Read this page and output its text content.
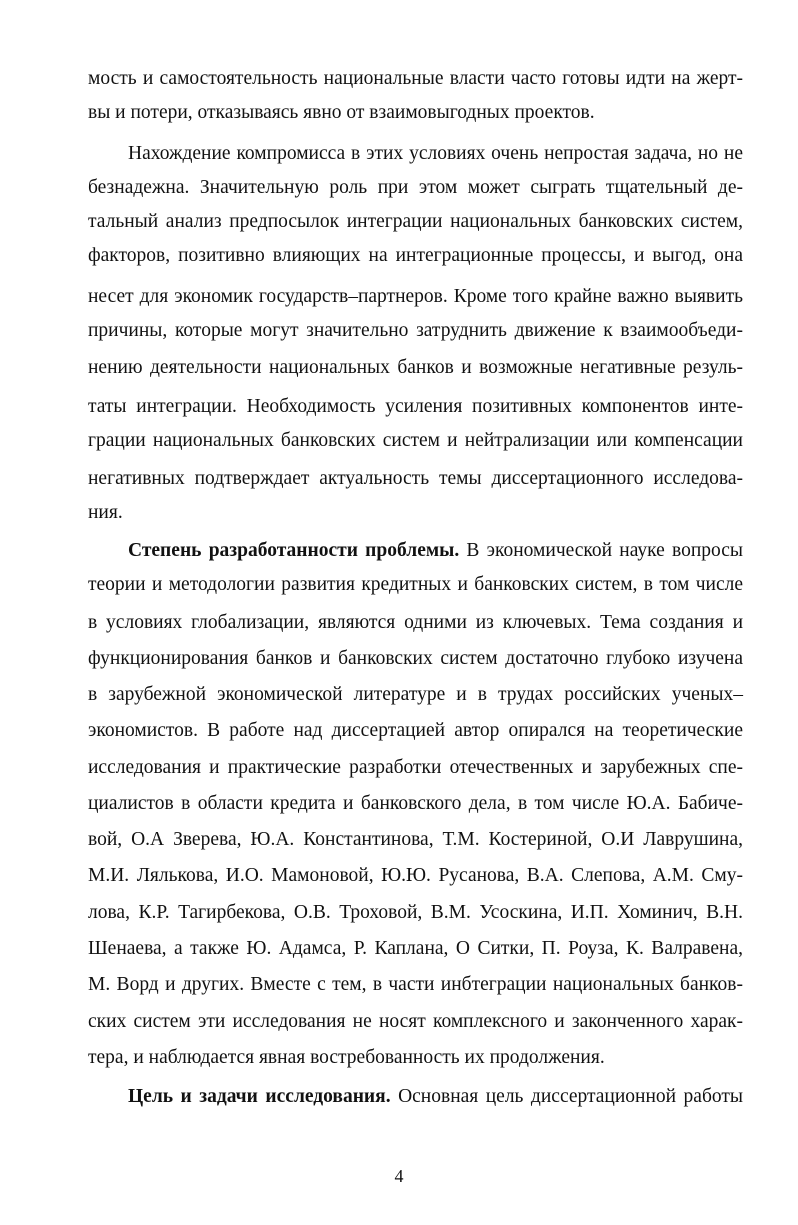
мость и самостоятельность национальные власти часто готовы идти на жерт-
вы и потери, отказываясь явно от взаимовыгодных проектов.
Нахождение компромисса в этих условиях очень непростая задача, но не
безнадежна. Значительную роль при этом может сыграть тщательный де-
тальный анализ предпосылок интеграции национальных банковских систем,
факторов, позитивно влияющих на интеграционные процессы, и выгод, она
несет для экономик государств–партнеров. Кроме того крайне важно выявить
причины, которые могут значительно затруднить движение к взаимообъеди-
нению деятельности национальных банков и возможные негативные резуль-
таты интеграции. Необходимость усиления позитивных компонентов инте-
грации национальных банковских систем и нейтрализации или компенсации
негативных подтверждает актуальность темы диссертационного исследова-
ния.
Степень разработанности проблемы. В экономической науке вопросы
теории и методологии развития кредитных и банковских систем, в том числе
в условиях глобализации, являются одними из ключевых. Тема создания и
функционирования банков и банковских систем достаточно глубоко изучена
в зарубежной экономической литературе и в трудах российских ученых–
экономистов. В работе над диссертацией автор опирался на теоретические
исследования и практические разработки отечественных и зарубежных спе-
циалистов в области кредита и банковского дела, в том числе Ю.А. Бабиче-
вой, О.А Зверева, Ю.А. Константинова, Т.М. Костериной, О.И Лаврушина,
М.И. Лялькова, И.О. Мамоновой, Ю.Ю. Русанова, В.А. Слепова, А.М. Сму-
лова, К.Р. Тагирбекова, О.В. Троховой, В.М. Усоскина, И.П. Хоминич, В.Н.
Шенаева, а также Ю. Адамса, Р. Каплана, О Ситки, П. Роуза, К. Валравена,
М. Ворд и других. Вместе с тем, в части инбтеграции национальных банков-
ских систем эти исследования не носят комплексного и законченного харак-
тера, и наблюдается явная востребованность их продолжения.
Цель и задачи исследования. Основная цель диссертационной работы
4
